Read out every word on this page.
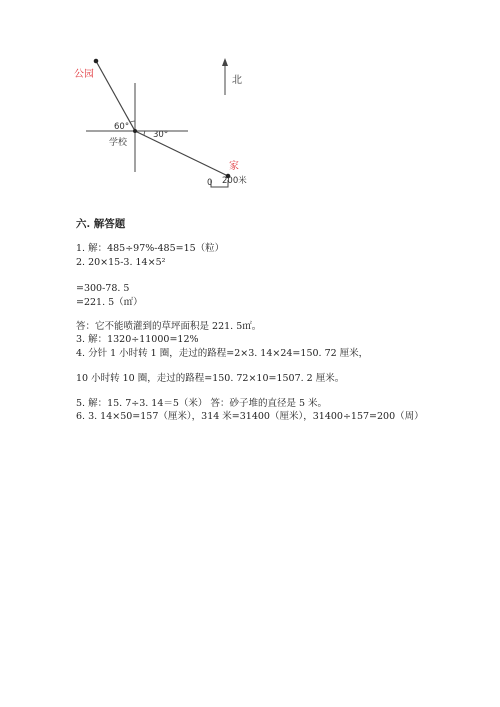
北
公园
60°
30°
学校
家
0 200米
六. 解答题
1. 解：485÷97%-485=15（粒）
2. 20×15-3. 14×5²
=300-78. 5
=221. 5（㎡）
答：它不能喷灌到的草坪面积是 221. 5㎡。
3. 解：1320÷11000=12%
4. 分针 1 小时转 1 圈，走过的路程=2×3. 14×24=150. 72 厘米，
10 小时转 10 圈，走过的路程=150. 72×10=1507. 2 厘米。
5. 解：15. 7÷3. 14＝5（米） 答：砂子堆的直径是 5 米。
6. 3. 14×50=157（厘米），314 米=31400（厘米），31400÷157=200（周）
